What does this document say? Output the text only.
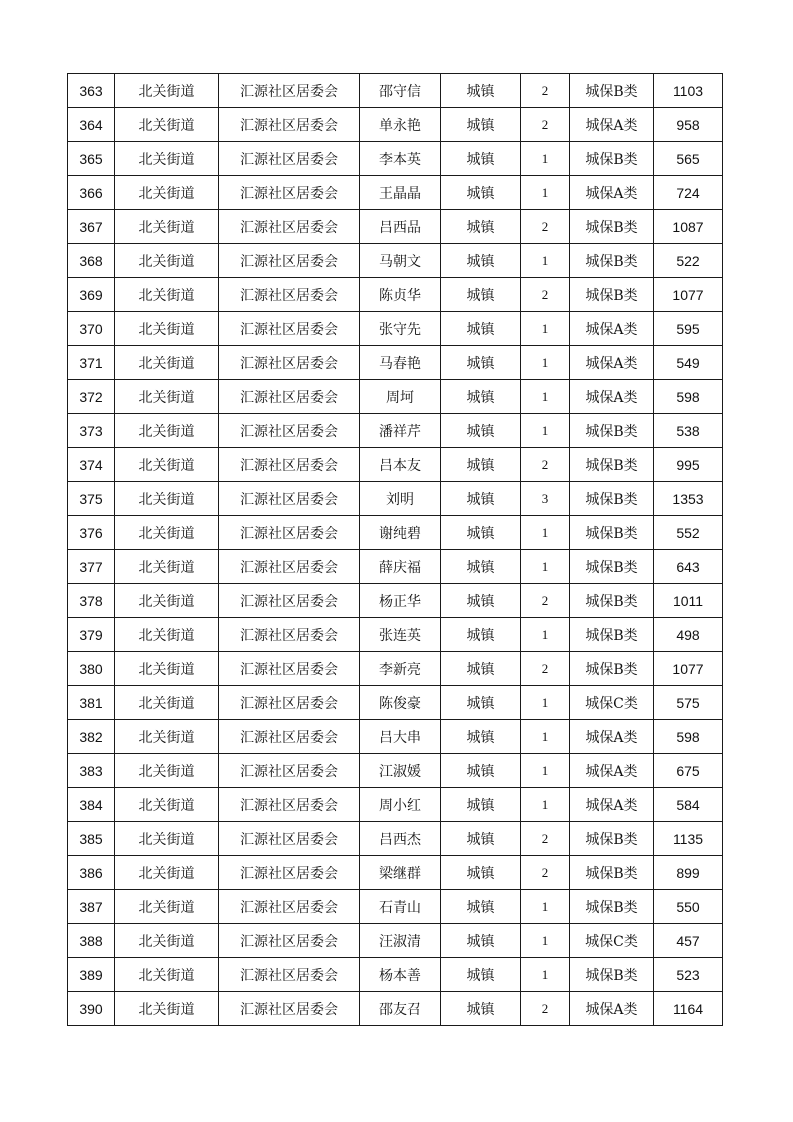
363	北关街道	汇源社区居委会	邵守信	城镇	2	城保B类	1103
364	北关街道	汇源社区居委会	单永艳	城镇	2	城保A类	958
365	北关街道	汇源社区居委会	李本英	城镇	1	城保B类	565
366	北关街道	汇源社区居委会	王晶晶	城镇	1	城保A类	724
367	北关街道	汇源社区居委会	吕西品	城镇	2	城保B类	1087
368	北关街道	汇源社区居委会	马朝文	城镇	1	城保B类	522
369	北关街道	汇源社区居委会	陈贞华	城镇	2	城保B类	1077
370	北关街道	汇源社区居委会	张守先	城镇	1	城保A类	595
371	北关街道	汇源社区居委会	马春艳	城镇	1	城保A类	549
372	北关街道	汇源社区居委会	周坷	城镇	1	城保A类	598
373	北关街道	汇源社区居委会	潘祥芹	城镇	1	城保B类	538
374	北关街道	汇源社区居委会	吕本友	城镇	2	城保B类	995
375	北关街道	汇源社区居委会	刘明	城镇	3	城保B类	1353
376	北关街道	汇源社区居委会	谢纯碧	城镇	1	城保B类	552
377	北关街道	汇源社区居委会	薛庆福	城镇	1	城保B类	643
378	北关街道	汇源社区居委会	杨正华	城镇	2	城保B类	1011
379	北关街道	汇源社区居委会	张连英	城镇	1	城保B类	498
380	北关街道	汇源社区居委会	李新亮	城镇	2	城保B类	1077
381	北关街道	汇源社区居委会	陈俊豪	城镇	1	城保C类	575
382	北关街道	汇源社区居委会	吕大串	城镇	1	城保A类	598
383	北关街道	汇源社区居委会	江淑媛	城镇	1	城保A类	675
384	北关街道	汇源社区居委会	周小红	城镇	1	城保A类	584
385	北关街道	汇源社区居委会	吕西杰	城镇	2	城保B类	1135
386	北关街道	汇源社区居委会	梁继群	城镇	2	城保B类	899
387	北关街道	汇源社区居委会	石青山	城镇	1	城保B类	550
388	北关街道	汇源社区居委会	汪淑清	城镇	1	城保C类	457
389	北关街道	汇源社区居委会	杨本善	城镇	1	城保B类	523
390	北关街道	汇源社区居委会	邵友召	城镇	2	城保A类	1164
